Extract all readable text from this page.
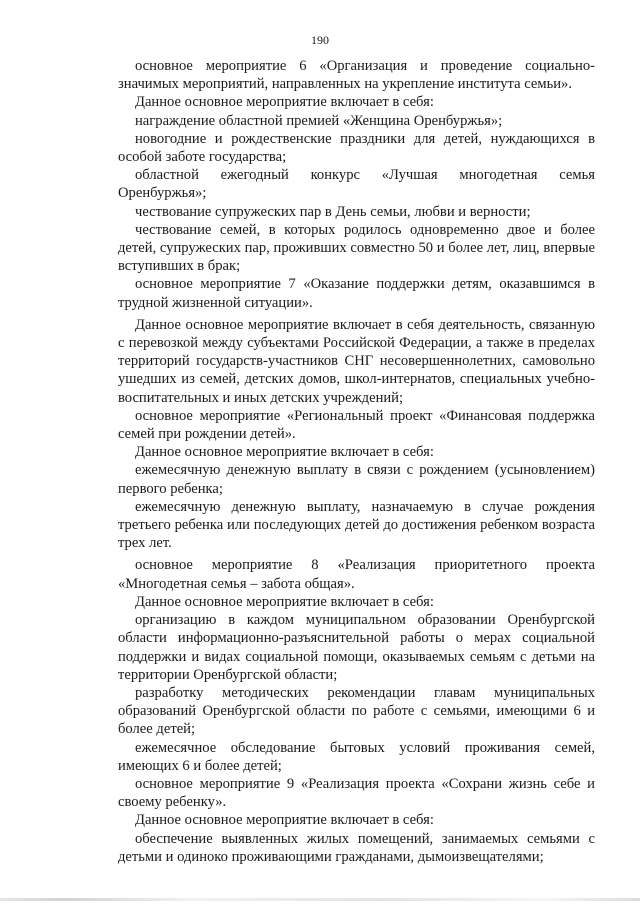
190

основное мероприятие 6 «Организация и проведение социально-значимых мероприятий, направленных на укрепление института семьи».

Данное основное мероприятие включает в себя:

награждение областной премией «Женщина Оренбуржья»;

новогодние и рождественские праздники для детей, нуждающихся в особой заботе государства;

областной ежегодный конкурс «Лучшая многодетная семья Оренбуржья»;

чествование супружеских пар в День семьи, любви и верности;

чествование семей, в которых родилось одновременно двое и более детей, супружеских пар, проживших совместно 50 и более лет, лиц, впервые вступивших в брак;

основное мероприятие 7 «Оказание поддержки детям, оказавшимся в трудной жизненной ситуации».

Данное основное мероприятие включает в себя деятельность, связанную с перевозкой между субъектами Российской Федерации, а также в пределах территорий государств-участников СНГ несовершеннолетних, самовольно ушедших из семей, детских домов, школ-интернатов, специальных учебно-воспитательных и иных детских учреждений;

основное мероприятие «Региональный проект «Финансовая поддержка семей при рождении детей».

Данное основное мероприятие включает в себя:

ежемесячную денежную выплату в связи с рождением (усыновлением) первого ребенка;

ежемесячную денежную выплату, назначаемую в случае рождения третьего ребенка или последующих детей до достижения ребенком возраста трех лет.

основное мероприятие 8 «Реализация приоритетного проекта «Многодетная семья – забота общая».

Данное основное мероприятие включает в себя:

организацию в каждом муниципальном образовании Оренбургской области информационно-разъяснительной работы о мерах социальной поддержки и видах социальной помощи, оказываемых семьям с детьми на территории Оренбургской области;

разработку методических рекомендации главам муниципальных образований Оренбургской области по работе с семьями, имеющими 6 и более детей;

ежемесячное обследование бытовых условий проживания семей, имеющих 6 и более детей;

основное мероприятие 9 «Реализация проекта «Сохрани жизнь себе и своему ребенку».

Данное основное мероприятие включает в себя:

обеспечение выявленных жилых помещений, занимаемых семьями с детьми и одиноко проживающими гражданами, дымоизвещателями;
